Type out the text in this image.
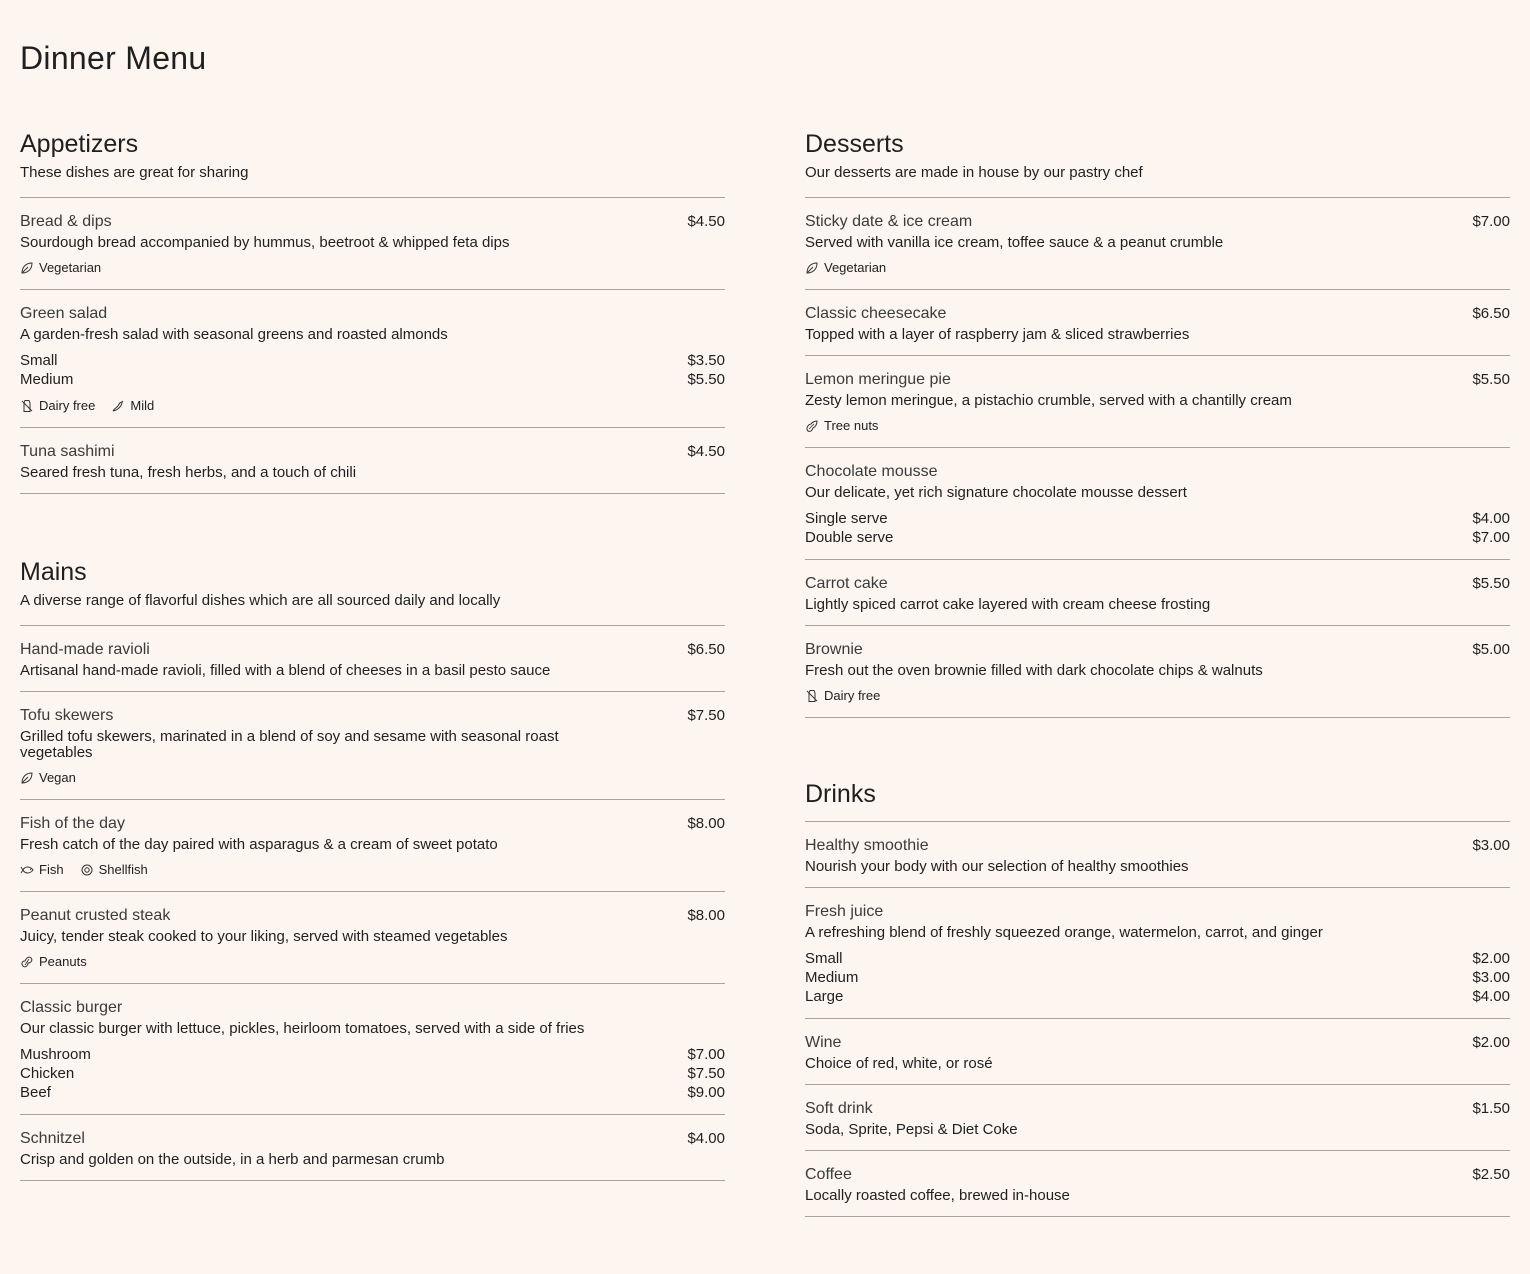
Dinner Menu
Appetizers

These dishes are great for sharing

Bread & dips	$4.50
Sourdough bread accompanied by hummus, beetroot & whipped feta dips
Vegetarian
Green salad
A garden-fresh salad with seasonal greens and roasted almonds
Small	$3.50
Medium	$5.50
Dairy free	Mild
Tuna sashimi	$4.50
Seared fresh tuna, fresh herbs, and a touch of chili
Mains

A diverse range of flavorful dishes which are all sourced daily and locally

Hand-made ravioli	$6.50
Artisanal hand-made ravioli, filled with a blend of cheeses in a basil pesto sauce
Tofu skewers	$7.50
Grilled tofu skewers, marinated in a blend of soy and sesame with seasonal roast vegetables
Vegan
Fish of the day	$8.00
Fresh catch of the day paired with asparagus & a cream of sweet potato
Fish	Shellfish
Peanut crusted steak	$8.00
Juicy, tender steak cooked to your liking, served with steamed vegetables
Peanuts
Classic burger
Our classic burger with lettuce, pickles, heirloom tomatoes, served with a side of fries
Mushroom	$7.00
Chicken	$7.50
Beef	$9.00
Schnitzel	$4.00
Crisp and golden on the outside, in a herb and parmesan crumb
Desserts

Our desserts are made in house by our pastry chef

Sticky date & ice cream	$7.00
Served with vanilla ice cream, toffee sauce & a peanut crumble
Vegetarian
Classic cheesecake	$6.50
Topped with a layer of raspberry jam & sliced strawberries
Lemon meringue pie	$5.50
Zesty lemon meringue, a pistachio crumble, served with a chantilly cream
Tree nuts
Chocolate mousse
Our delicate, yet rich signature chocolate mousse dessert
Single serve	$4.00
Double serve	$7.00
Carrot cake	$5.50
Lightly spiced carrot cake layered with cream cheese frosting
Brownie	$5.00
Fresh out the oven brownie filled with dark chocolate chips & walnuts
Dairy free
Drinks
Healthy smoothie	$3.00
Nourish your body with our selection of healthy smoothies
Fresh juice
A refreshing blend of freshly squeezed orange, watermelon, carrot, and ginger
Small	$2.00
Medium	$3.00
Large	$4.00
Wine	$2.00
Choice of red, white, or rosé
Soft drink	$1.50
Soda, Sprite, Pepsi & Diet Coke
Coffee	$2.50
Locally roasted coffee, brewed in-house
